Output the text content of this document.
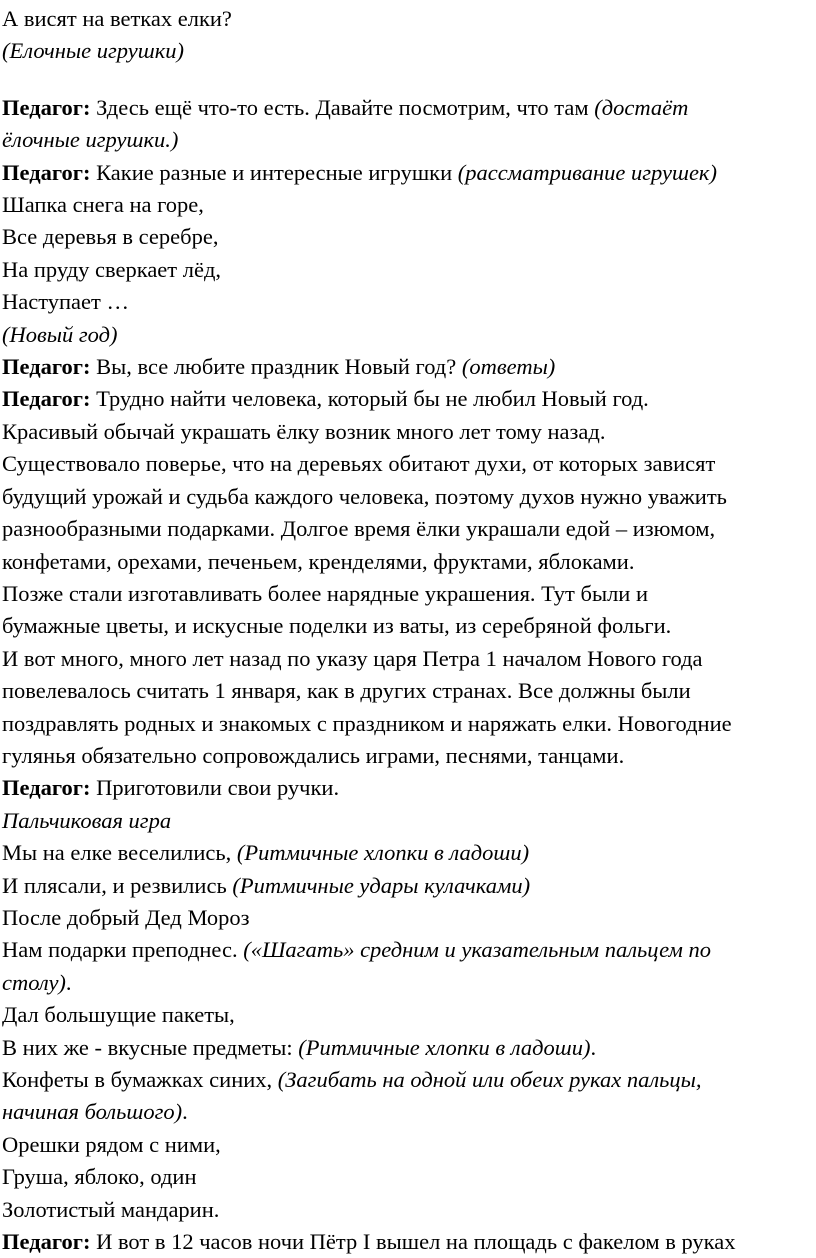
А висят на ветках елки?
(Елочные игрушки)
Педагог: Здесь ещё что-то есть. Давайте посмотрим, что там (достаёт
ёлочные игрушки.)
Педагог: Какие разные и интересные игрушки (рассматривание игрушек)
Шапка снега на горе,
Все деревья в серебре,
На пруду сверкает лёд,
Наступает …
(Новый год)
Педагог: Вы, все любите праздник Новый год? (ответы)
Педагог: Трудно найти человека, который бы не любил Новый год.
Красивый обычай украшать ёлку возник много лет тому назад.
Существовало поверье, что на деревьях обитают духи, от которых зависят
будущий урожай и судьба каждого человека, поэтому духов нужно уважить
разнообразными подарками. Долгое время ёлки украшали едой – изюмом,
конфетами, орехами, печеньем, кренделями, фруктами, яблоками.
Позже стали изготавливать более нарядные украшения. Тут были и
бумажные цветы, и искусные поделки из ваты, из серебряной фольги.
И вот много, много лет назад по указу царя Петра 1 началом Нового года
повелевалось считать 1 января, как в других странах. Все должны были
поздравлять родных и знакомых с праздником и наряжать елки. Новогодние
гулянья обязательно сопровождались играми, песнями, танцами.
Педагог: Приготовили свои ручки.
Пальчиковая игра
Мы на елке веселились, (Ритмичные хлопки в ладоши)
И плясали, и резвились (Ритмичные удары кулачками)
После добрый Дед Мороз
Нам подарки преподнес. («Шагать» средним и указательным пальцем по
столу).
Дал большущие пакеты,
В них же - вкусные предметы: (Ритмичные хлопки в ладоши).
Конфеты в бумажках синих, (Загибать на одной или обеих руках пальцы,
начиная большого).
Орешки рядом с ними,
Груша, яблоко, один
Золотистый мандарин.
Педагог: И вот в 12 часов ночи Пётр I вышел на площадь с факелом в руках
